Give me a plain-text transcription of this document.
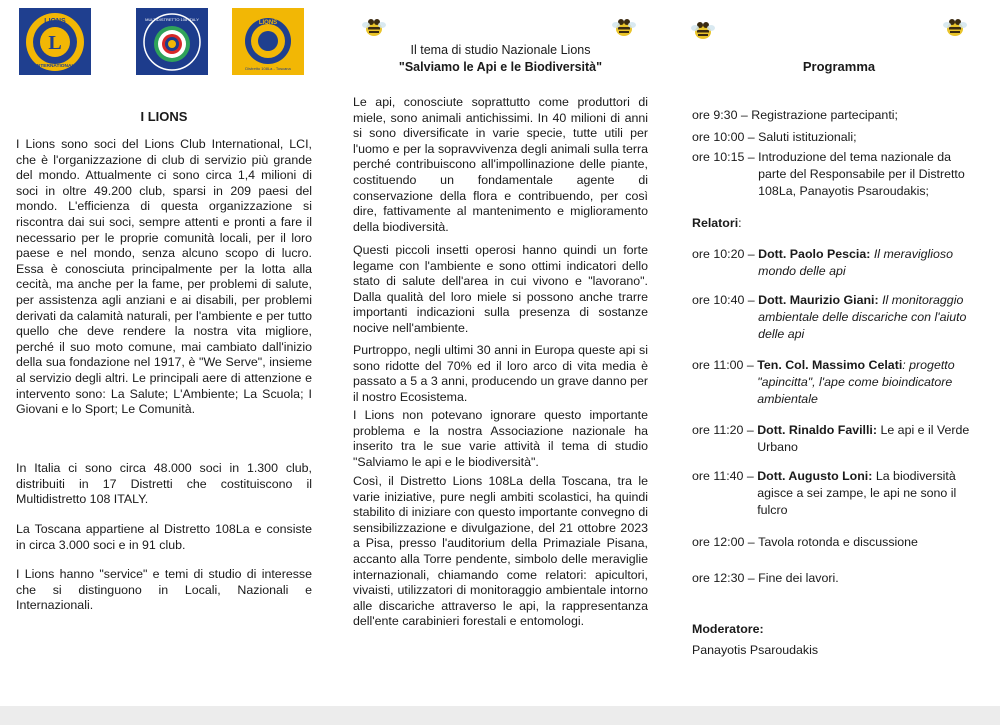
L
LIONS
INTERNATIONAL
MULTIDISTRETTO 108 ITALY
LIONS
Distretto 108La - Toscana
I LIONS

I Lions sono soci del Lions Club International, LCI, che è l'organizzazione di club di servizio più grande del mondo. Attualmente ci sono circa 1,4 milioni di soci in oltre 49.200 club, sparsi in 209 paesi del mondo. L'efficienza di questa organizzazione si riscontra dai sui soci, sempre attenti e pronti a fare il necessario per le proprie comunità locali, per il loro paese e nel mondo, senza alcuno scopo di lucro. Essa è conosciuta principalmente per la lotta alla cecità, ma anche per la fame, per problemi di salute, per assistenza agli anziani e ai disabili, per problemi derivati da calamità naturali, per l'ambiente e per tutto quello che deve rendere la nostra vita migliore, perché il suo moto comune, mai cambiato dall'inizio della sua fondazione nel 1917, è "We Serve", insieme al servizio degli altri. Le principali aere di attenzione e intervento sono: La Salute; L'Ambiente; La Scuola; I Giovani e lo Sport; Le Comunità.

In Italia ci sono circa 48.000 soci in 1.300 club, distribuiti in 17 Distretti che costituiscono il Multidistretto 108 ITALY.

La Toscana appartiene al Distretto 108La e consiste in circa 3.000 soci e in 91 club.

I Lions hanno "service" e temi di studio di interesse che si distinguono in Locali, Nazionali e Internazionali.

Il tema di studio Nazionale Lions
"Salviamo le Api e le Biodiversità"

Le api, conosciute soprattutto come produttori di miele, sono animali antichissimi. In 40 milioni di anni si sono diversificate in varie specie, tutte utili per l'uomo e per la sopravvivenza degli animali sulla terra perché contribuiscono all'impollinazione delle piante, costituendo un fondamentale agente di conservazione della flora e contribuendo, per così dire, fattivamente al mantenimento e miglioramento della biodiversità.

Questi piccoli insetti operosi hanno quindi un forte legame con l'ambiente e sono ottimi indicatori dello stato di salute dell'area in cui vivono e "lavorano". Dalla qualità del loro miele si possono anche trarre importanti indicazioni sulla presenza di sostanze nocive nell'ambiente.

Purtroppo, negli ultimi 30 anni in Europa queste api si sono ridotte del 70% ed il loro arco di vita media è passato a 5 a 3 anni, producendo un grave danno per il nostro Ecosistema.

I Lions non potevano ignorare questo importante problema e la nostra Associazione nazionale ha inserito tra le sue varie attività il tema di studio "Salviamo le api e le biodiversità".

Così, il Distretto Lions 108La della Toscana, tra le varie iniziative, pure negli ambiti scolastici, ha quindi stabilito di iniziare con questo importante convegno di sensibilizzazione e divulgazione, del 21 ottobre 2023 a Pisa, presso l'auditorium della Primaziale Pisana, accanto alla Torre pendente, simbolo delle meraviglie internazionali, chiamando come relatori: apicultori, vivaisti, utilizzatori di monitoraggio ambientale intorno alle discariche attraverso le api, la rappresentanza dell'ente carabinieri forestali e entomologi.

Programma
ore 9:30 – Registrazione partecipanti;
ore 10:00 – Saluti istituzionali;
ore 10:15 – Introduzione del tema nazionale da
parte del Responsabile per il Distretto 108La, Panayotis Psaroudakis;
Relatori:
ore 10:20 – Dott. Paolo Pescia: Il meraviglioso
mondo delle api
ore 10:40 – Dott. Maurizio Giani: Il monitoraggio
ambientale delle discariche con l'aiuto delle api
ore 11:00 – Ten. Col. Massimo Celati: progetto
"apincitta", l'ape come bioindicatore ambientale
ore 11:20 – Dott. Rinaldo Favilli: Le api e il Verde
Urbano
ore 11:40 – Dott. Augusto Loni: La biodiversità
agisce a sei zampe, le api ne sono il fulcro
ore 12:00 – Tavola rotonda e discussione
ore 12:30 – Fine dei lavori.
Moderatore:
Panayotis Psaroudakis
